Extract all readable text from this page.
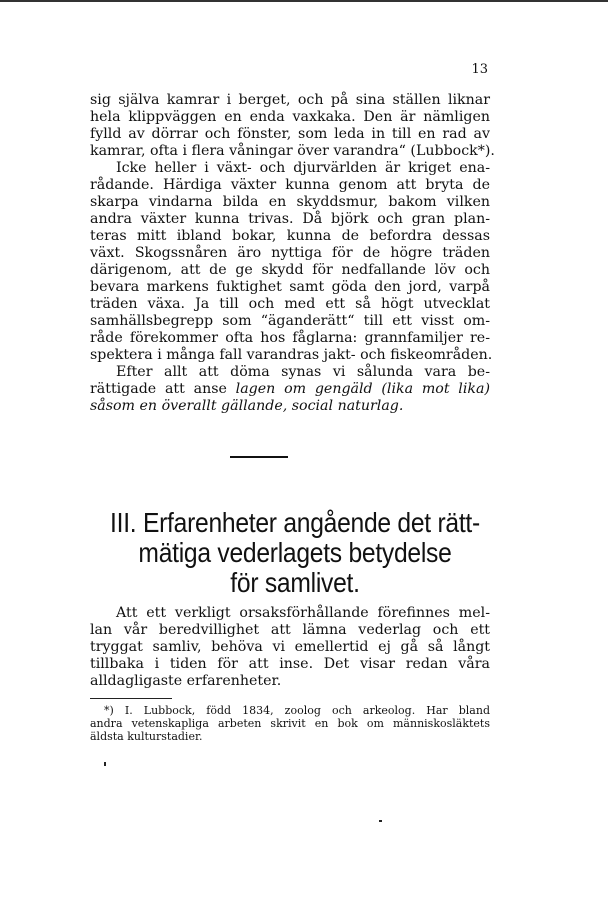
13
sig själva kamrar i berget, och på sina ställen liknar
hela klippväggen en enda vaxkaka. Den är nämligen
fylld av dörrar och fönster, som leda in till en rad av
kamrar, ofta i flera våningar över varandra“ (Lubbock*).
Icke heller i växt- och djurvärlden är kriget ena-
rådande. Härdiga växter kunna genom att bryta de
skarpa vindarna bilda en skyddsmur, bakom vilken
andra växter kunna trivas. Då björk och gran plan-
teras mitt ibland bokar, kunna de befordra dessas
växt. Skogssnåren äro nyttiga för de högre träden
därigenom, att de ge skydd för nedfallande löv och
bevara markens fuktighet samt göda den jord, varpå
träden växa. Ja till och med ett så högt utvecklat
samhällsbegrepp som “äganderätt“ till ett visst om-
råde förekommer ofta hos fåglarna: grannfamiljer re-
spektera i många fall varandras jakt- och fiskeområden.
Efter allt att döma synas vi sålunda vara be-
rättigade att anse lagen om gengäld (lika mot lika)
såsom en överallt gällande, social naturlag.
III. Erfarenheter angående det rätt-
mätiga vederlagets betydelse
för samlivet.
Att ett verkligt orsaksförhållande förefinnes mel-
lan vår beredvillighet att lämna vederlag och ett
tryggat samliv, behöva vi emellertid ej gå så långt
tillbaka i tiden för att inse. Det visar redan våra
alldagligaste erfarenheter.
*) I. Lubbock, född 1834, zoolog och arkeolog. Har bland
andra vetenskapliga arbeten skrivit en bok om människosläktets
äldsta kulturstadier.
